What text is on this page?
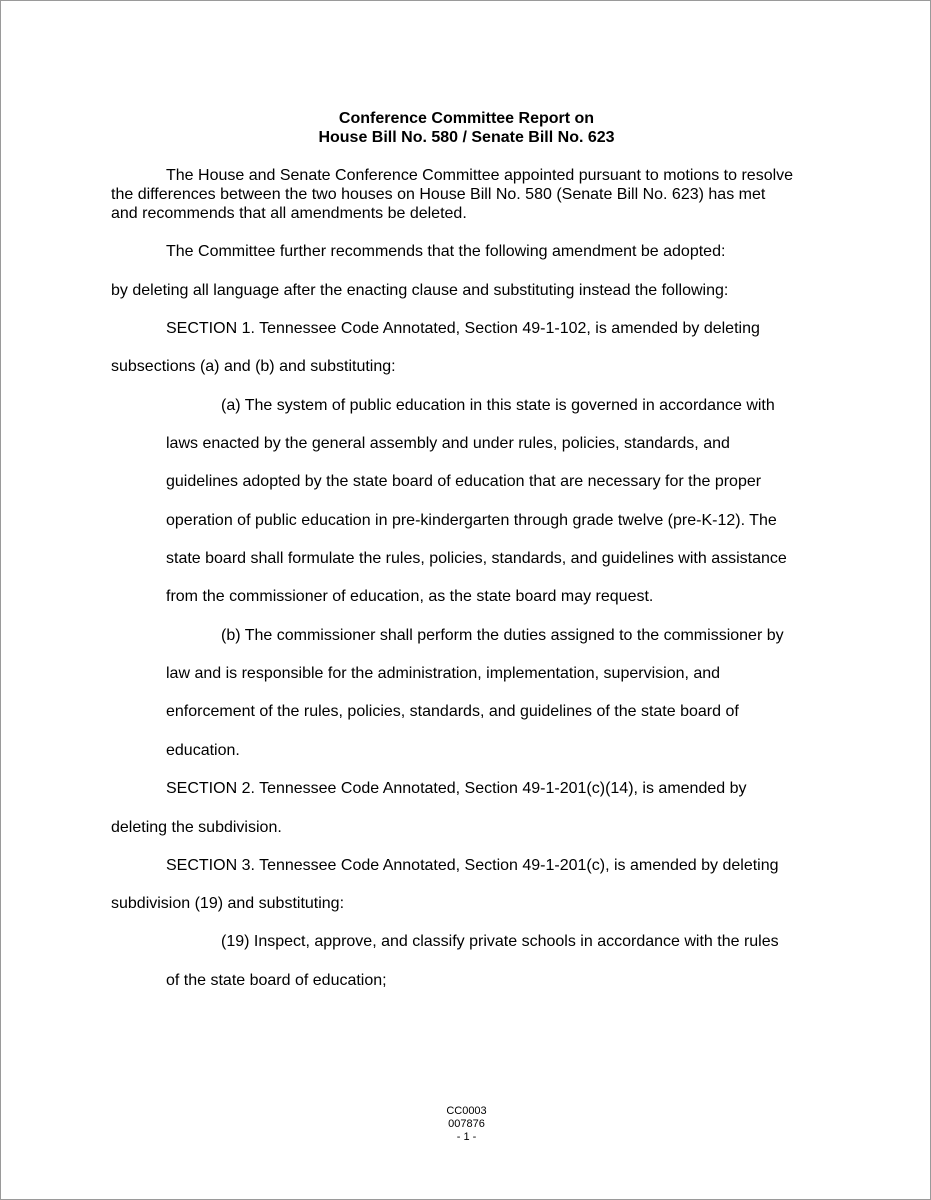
Conference Committee Report on
House Bill No. 580 / Senate Bill No. 623
The House and Senate Conference Committee appointed pursuant to motions to resolve
the differences between the two houses on House Bill No. 580 (Senate Bill No. 623) has met
and recommends that all amendments be deleted.
The Committee further recommends that the following amendment be adopted:
by deleting all language after the enacting clause and substituting instead the following:
SECTION 1. Tennessee Code Annotated, Section 49-1-102, is amended by deleting
subsections (a) and (b) and substituting:
(a) The system of public education in this state is governed in accordance with
laws enacted by the general assembly and under rules, policies, standards, and
guidelines adopted by the state board of education that are necessary for the proper
operation of public education in pre-kindergarten through grade twelve (pre-K-12). The
state board shall formulate the rules, policies, standards, and guidelines with assistance
from the commissioner of education, as the state board may request.
(b) The commissioner shall perform the duties assigned to the commissioner by
law and is responsible for the administration, implementation, supervision, and
enforcement of the rules, policies, standards, and guidelines of the state board of
education.
SECTION 2. Tennessee Code Annotated, Section 49-1-201(c)(14), is amended by
deleting the subdivision.
SECTION 3. Tennessee Code Annotated, Section 49-1-201(c), is amended by deleting
subdivision (19) and substituting:
(19) Inspect, approve, and classify private schools in accordance with the rules
of the state board of education;
CC0003
007876
- 1 -
